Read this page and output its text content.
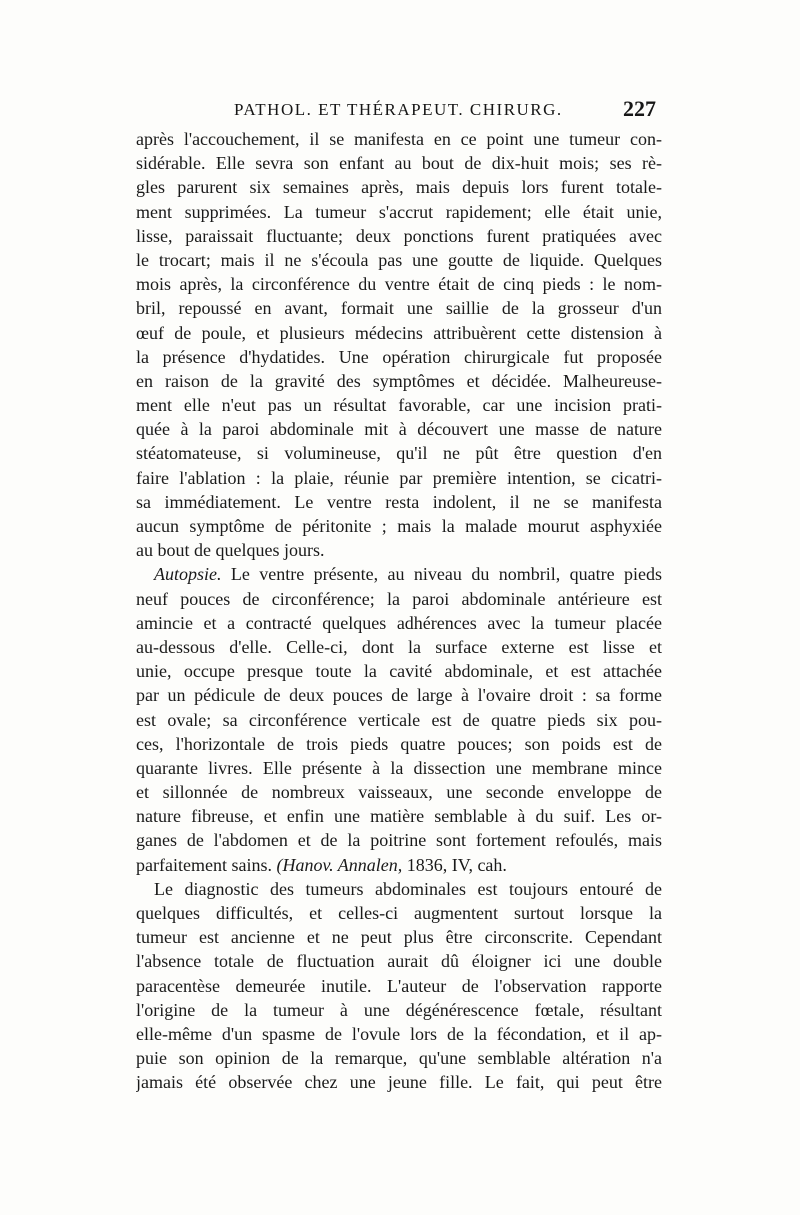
PATHOL. ET THÉRAPEUT. CHIRURG.	227
après l'accouchement, il se manifesta en ce point une tumeur con-
sidérable. Elle sevra son enfant au bout de dix-huit mois; ses rè-
gles parurent six semaines après, mais depuis lors furent totale-
ment supprimées. La tumeur s'accrut rapidement; elle était unie,
lisse, paraissait fluctuante; deux ponctions furent pratiquées avec
le trocart; mais il ne s'écoula pas une goutte de liquide. Quelques
mois après, la circonférence du ventre était de cinq pieds : le nom-
bril, repoussé en avant, formait une saillie de la grosseur d'un
œuf de poule, et plusieurs médecins attribuèrent cette distension à
la présence d'hydatides. Une opération chirurgicale fut proposée
en raison de la gravité des symptômes et décidée. Malheureuse-
ment elle n'eut pas un résultat favorable, car une incision prati-
quée à la paroi abdominale mit à découvert une masse de nature
stéatomateuse, si volumineuse, qu'il ne pût être question d'en
faire l'ablation : la plaie, réunie par première intention, se cicatri-
sa immédiatement. Le ventre resta indolent, il ne se manifesta
aucun symptôme de péritonite ; mais la malade mourut asphyxiée
au bout de quelques jours.
Autopsie. Le ventre présente, au niveau du nombril, quatre pieds
neuf pouces de circonférence; la paroi abdominale antérieure est
amincie et a contracté quelques adhérences avec la tumeur placée
au-dessous d'elle. Celle-ci, dont la surface externe est lisse et
unie, occupe presque toute la cavité abdominale, et est attachée
par un pédicule de deux pouces de large à l'ovaire droit : sa forme
est ovale; sa circonférence verticale est de quatre pieds six pou-
ces, l'horizontale de trois pieds quatre pouces; son poids est de
quarante livres. Elle présente à la dissection une membrane mince
et sillonnée de nombreux vaisseaux, une seconde enveloppe de
nature fibreuse, et enfin une matière semblable à du suif. Les or-
ganes de l'abdomen et de la poitrine sont fortement refoulés, mais
parfaitement sains. (Hanov. Annalen, 1836, IV, cah.
Le diagnostic des tumeurs abdominales est toujours entouré de
quelques difficultés, et celles-ci augmentent surtout lorsque la
tumeur est ancienne et ne peut plus être circonscrite. Cependant
l'absence totale de fluctuation aurait dû éloigner ici une double
paracentèse demeurée inutile. L'auteur de l'observation rapporte
l'origine de la tumeur à une dégénérescence fœtale, résultant
elle-même d'un spasme de l'ovule lors de la fécondation, et il ap-
puie son opinion de la remarque, qu'une semblable altération n'a
jamais été observée chez une jeune fille. Le fait, qui peut être
